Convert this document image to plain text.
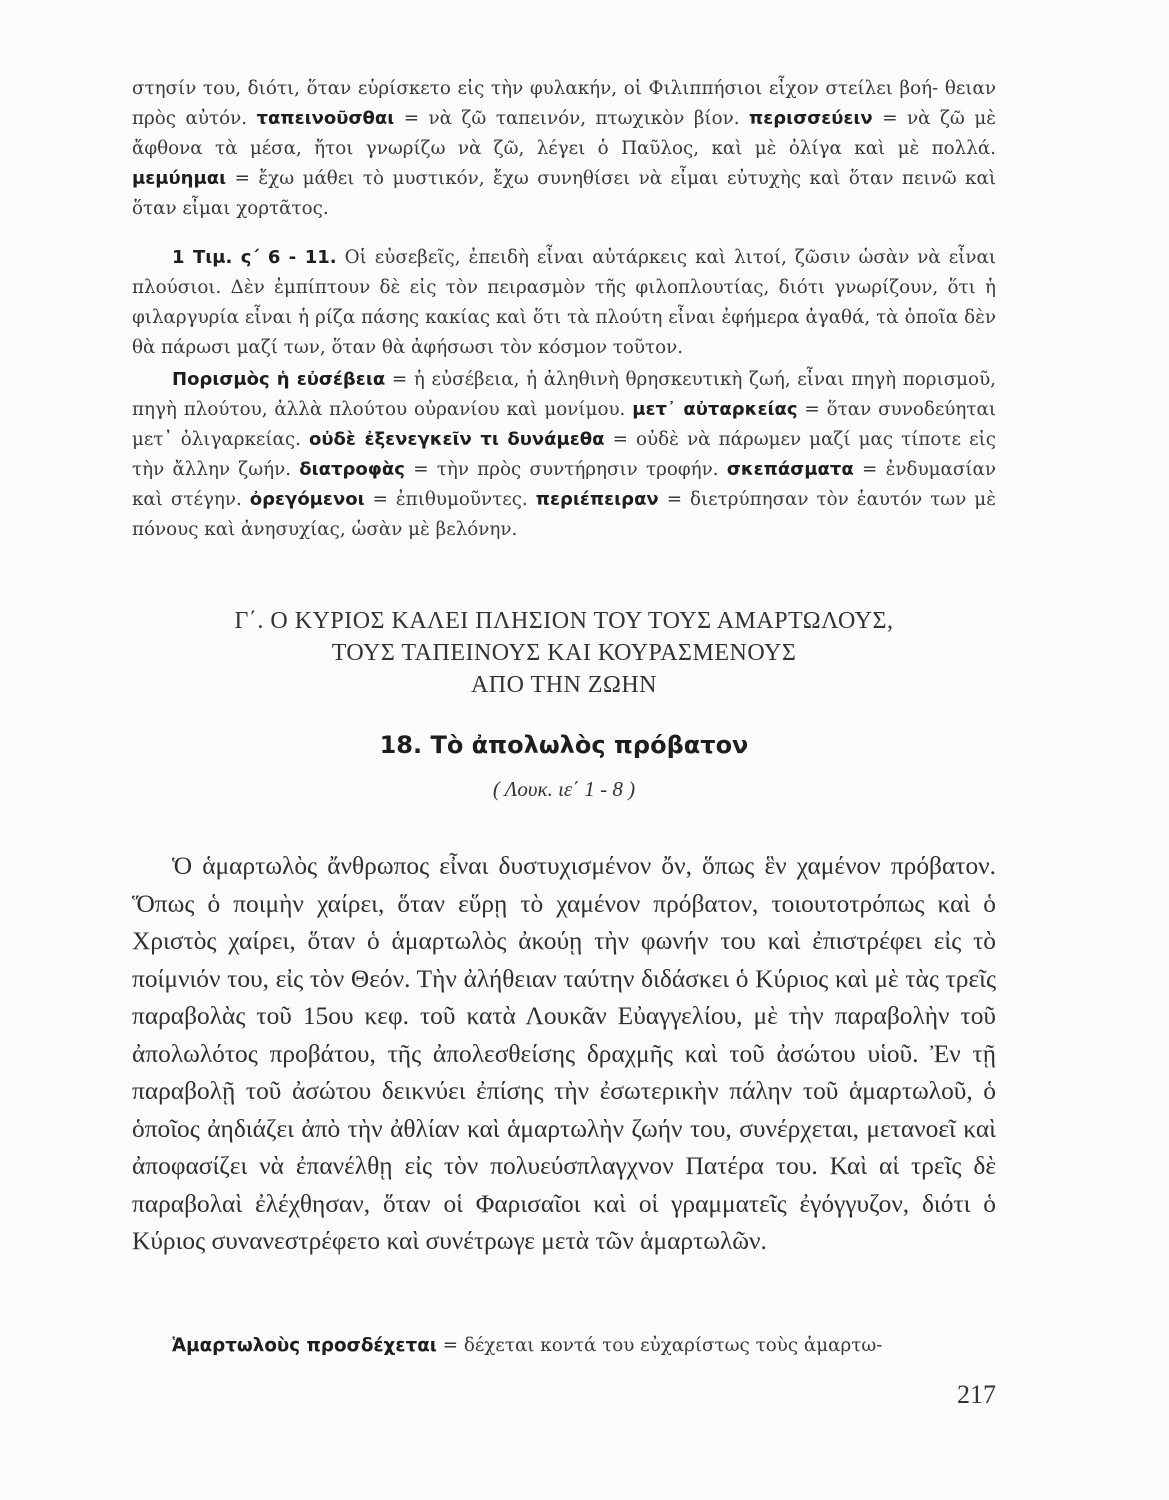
στησίν του, διότι, ὅταν εὑρίσκετο εἰς τὴν φυλακήν, οἱ Φιλιππήσιοι εἶχον στείλει βοή- θειαν πρὸς αὐτόν. ταπεινοῦσθαι = νὰ ζῶ ταπεινόν, πτωχικὸν βίον. περισσεύειν = νὰ ζῶ μὲ ἄφθονα τὰ μέσα, ἤτοι γνωρίζω νὰ ζῶ, λέγει ὁ Παῦλος, καὶ μὲ ὀλίγα καὶ μὲ πολλά. μεμύημαι = ἔχω μάθει τὸ μυστικόν, ἔχω συνηθίσει νὰ εἶμαι εὐτυχὴς καὶ ὅταν πεινῶ καὶ ὅταν εἶμαι χορτᾶτος.

1 Τιμ. ς΄ 6 - 11. Οἱ εὐσεβεῖς, ἐπειδὴ εἶναι αὐτάρκεις καὶ λιτοί, ζῶσιν ὡσὰν νὰ εἶναι πλούσιοι. Δὲν ἐμπίπτουν δὲ εἰς τὸν πειρασμὸν τῆς φιλοπλουτίας, διότι γνωρίζουν, ὅτι ἡ φιλαργυρία εἶναι ἡ ρίζα πάσης κακίας καὶ ὅτι τὰ πλούτη εἶναι ἐφήμερα ἀγαθά, τὰ ὁποῖα δὲν θὰ πάρωσι μαζί των, ὅταν θὰ ἀφήσωσι τὸν κόσμον τοῦτον.

Πορισμὸς ἡ εὐσέβεια = ἡ εὐσέβεια, ἡ ἀληθινὴ θρησκευτικὴ ζωή, εἶναι πηγὴ πορισμοῦ, πηγὴ πλούτου, ἀλλὰ πλούτου οὐρανίου καὶ μονίμου. μετ᾿ αὐταρκείας = ὅταν συνοδεύηται μετ᾿ ὀλιγαρκείας. οὐδὲ ἐξενεγκεῖν τι δυνάμεθα = οὐδὲ νὰ πάρωμεν μαζί μας τίποτε εἰς τὴν ἄλλην ζωήν. διατροφὰς = τὴν πρὸς συντήρησιν τροφήν. σκεπάσματα = ἐνδυμασίαν καὶ στέγην. ὀρεγόμενοι = ἐπιθυμοῦντες. περιέπειραν = διετρύπησαν τὸν ἑαυτόν των μὲ πόνους καὶ ἀνησυχίας, ὡσὰν μὲ βελόνην.

Γ΄. Ο ΚΥΡΙΟΣ ΚΑΛΕΙ ΠΛΗΣΙΟΝ ΤΟΥ ΤΟΥΣ ΑΜΑΡΤΩΛΟΥΣ,
ΤΟΥΣ ΤΑΠΕΙΝΟΥΣ ΚΑΙ ΚΟΥΡΑΣΜΕΝΟΥΣ
ΑΠΟ ΤΗΝ ΖΩΗΝ
18. Τὸ ἀπολωλὸς πρόβατον
( Λουκ. ιε΄ 1 - 8 )

Ὁ ἁμαρτωλὸς ἄνθρωπος εἶναι δυστυχισμένον ὄν, ὅπως ἓν χαμένον πρόβατον. Ὅπως ὁ ποιμὴν χαίρει, ὅταν εὕρῃ τὸ χαμένον πρόβατον, τοιουτοτρόπως καὶ ὁ Χριστὸς χαίρει, ὅταν ὁ ἁμαρτωλὸς ἀκούῃ τὴν φωνήν του καὶ ἐπιστρέφει εἰς τὸ ποίμνιόν του, εἰς τὸν Θεόν. Τὴν ἀλήθειαν ταύτην διδάσκει ὁ Κύριος καὶ μὲ τὰς τρεῖς παραβολὰς τοῦ 15ου κεφ. τοῦ κατὰ Λουκᾶν Εὐαγγελίου, μὲ τὴν παραβολὴν τοῦ ἀπολωλότος προβάτου, τῆς ἀπολεσθείσης δραχμῆς καὶ τοῦ ἀσώτου υἱοῦ. Ἐν τῇ παραβολῇ τοῦ ἀσώτου δεικνύει ἐπίσης τὴν ἐσωτερικὴν πάλην τοῦ ἁμαρτωλοῦ, ὁ ὁποῖος ἀηδιάζει ἀπὸ τὴν ἀθλίαν καὶ ἁμαρτωλὴν ζωήν του, συνέρχεται, μετανοεῖ καὶ ἀποφασίζει νὰ ἐπανέλθῃ εἰς τὸν πολυεύσπλαγχνον Πατέρα του. Καὶ αἱ τρεῖς δὲ παραβολαὶ ἐλέχθησαν, ὅταν οἱ Φαρισαῖοι καὶ οἱ γραμματεῖς ἐγόγγυζον, διότι ὁ Κύριος συνανεστρέφετο καὶ συνέτρωγε μετὰ τῶν ἁμαρτωλῶν.

Ἁμαρτωλοὺς προσδέχεται = δέχεται κοντά του εὐχαρίστως τοὺς ἁμαρτω-
217
